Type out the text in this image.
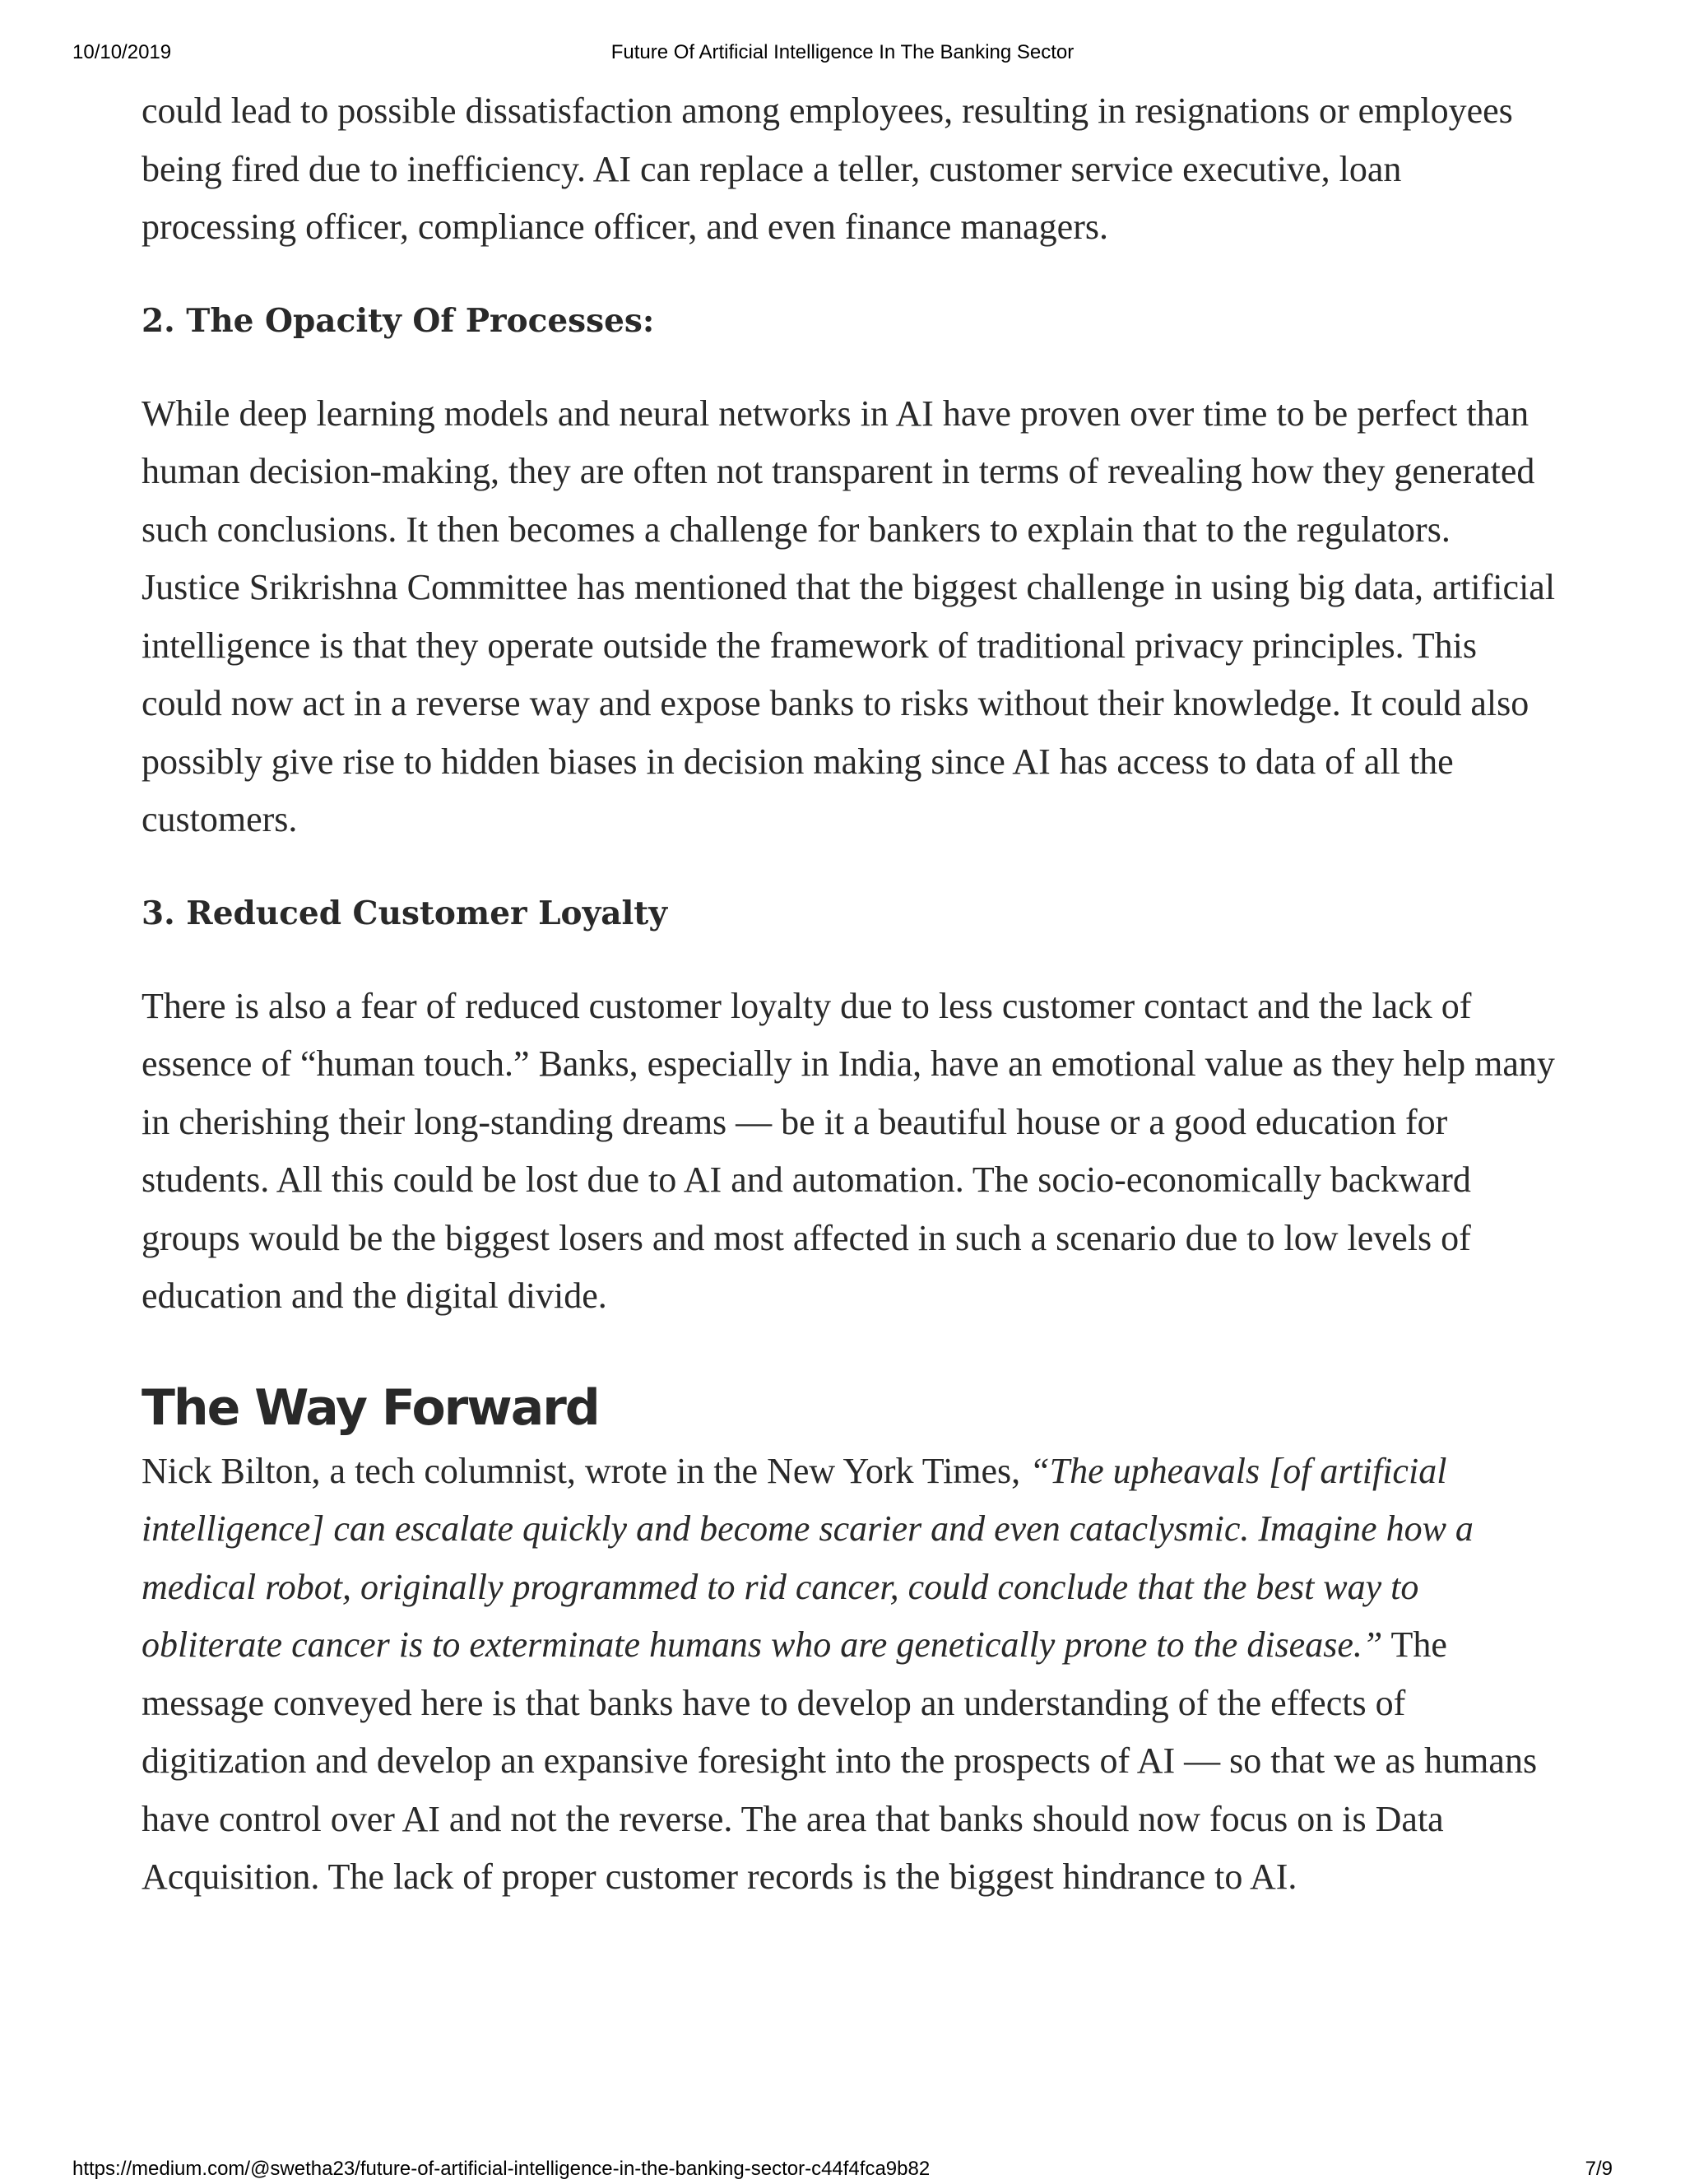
10/10/2019	Future Of Artificial Intelligence In The Banking Sector

could lead to possible dissatisfaction among employees, resulting in resignations or employees being fired due to inefficiency. AI can replace a teller, customer service executive, loan processing officer, compliance officer, and even finance managers.

2. The Opacity Of Processes:

While deep learning models and neural networks in AI have proven over time to be perfect than human decision-making, they are often not transparent in terms of revealing how they generated such conclusions. It then becomes a challenge for bankers to explain that to the regulators. Justice Srikrishna Committee has mentioned that the biggest challenge in using big data, artificial intelligence is that they operate outside the framework of traditional privacy principles. This could now act in a reverse way and expose banks to risks without their knowledge. It could also possibly give rise to hidden biases in decision making since AI has access to data of all the customers.

3. Reduced Customer Loyalty

There is also a fear of reduced customer loyalty due to less customer contact and the lack of essence of “human touch.” Banks, especially in India, have an emotional value as they help many in cherishing their long-standing dreams — be it a beautiful house or a good education for students. All this could be lost due to AI and automation. The socio-economically backward groups would be the biggest losers and most affected in such a scenario due to low levels of education and the digital divide.

The Way Forward

Nick Bilton, a tech columnist, wrote in the New York Times, “The upheavals [of artificial intelligence] can escalate quickly and become scarier and even cataclysmic. Imagine how a medical robot, originally programmed to rid cancer, could conclude that the best way to obliterate cancer is to exterminate humans who are genetically prone to the disease.” The message conveyed here is that banks have to develop an understanding of the effects of digitization and develop an expansive foresight into the prospects of AI — so that we as humans have control over AI and not the reverse. The area that banks should now focus on is Data Acquisition. The lack of proper customer records is the biggest hindrance to AI.

https://medium.com/@swetha23/future-of-artificial-intelligence-in-the-banking-sector-c44f4fca9b82	7/9
